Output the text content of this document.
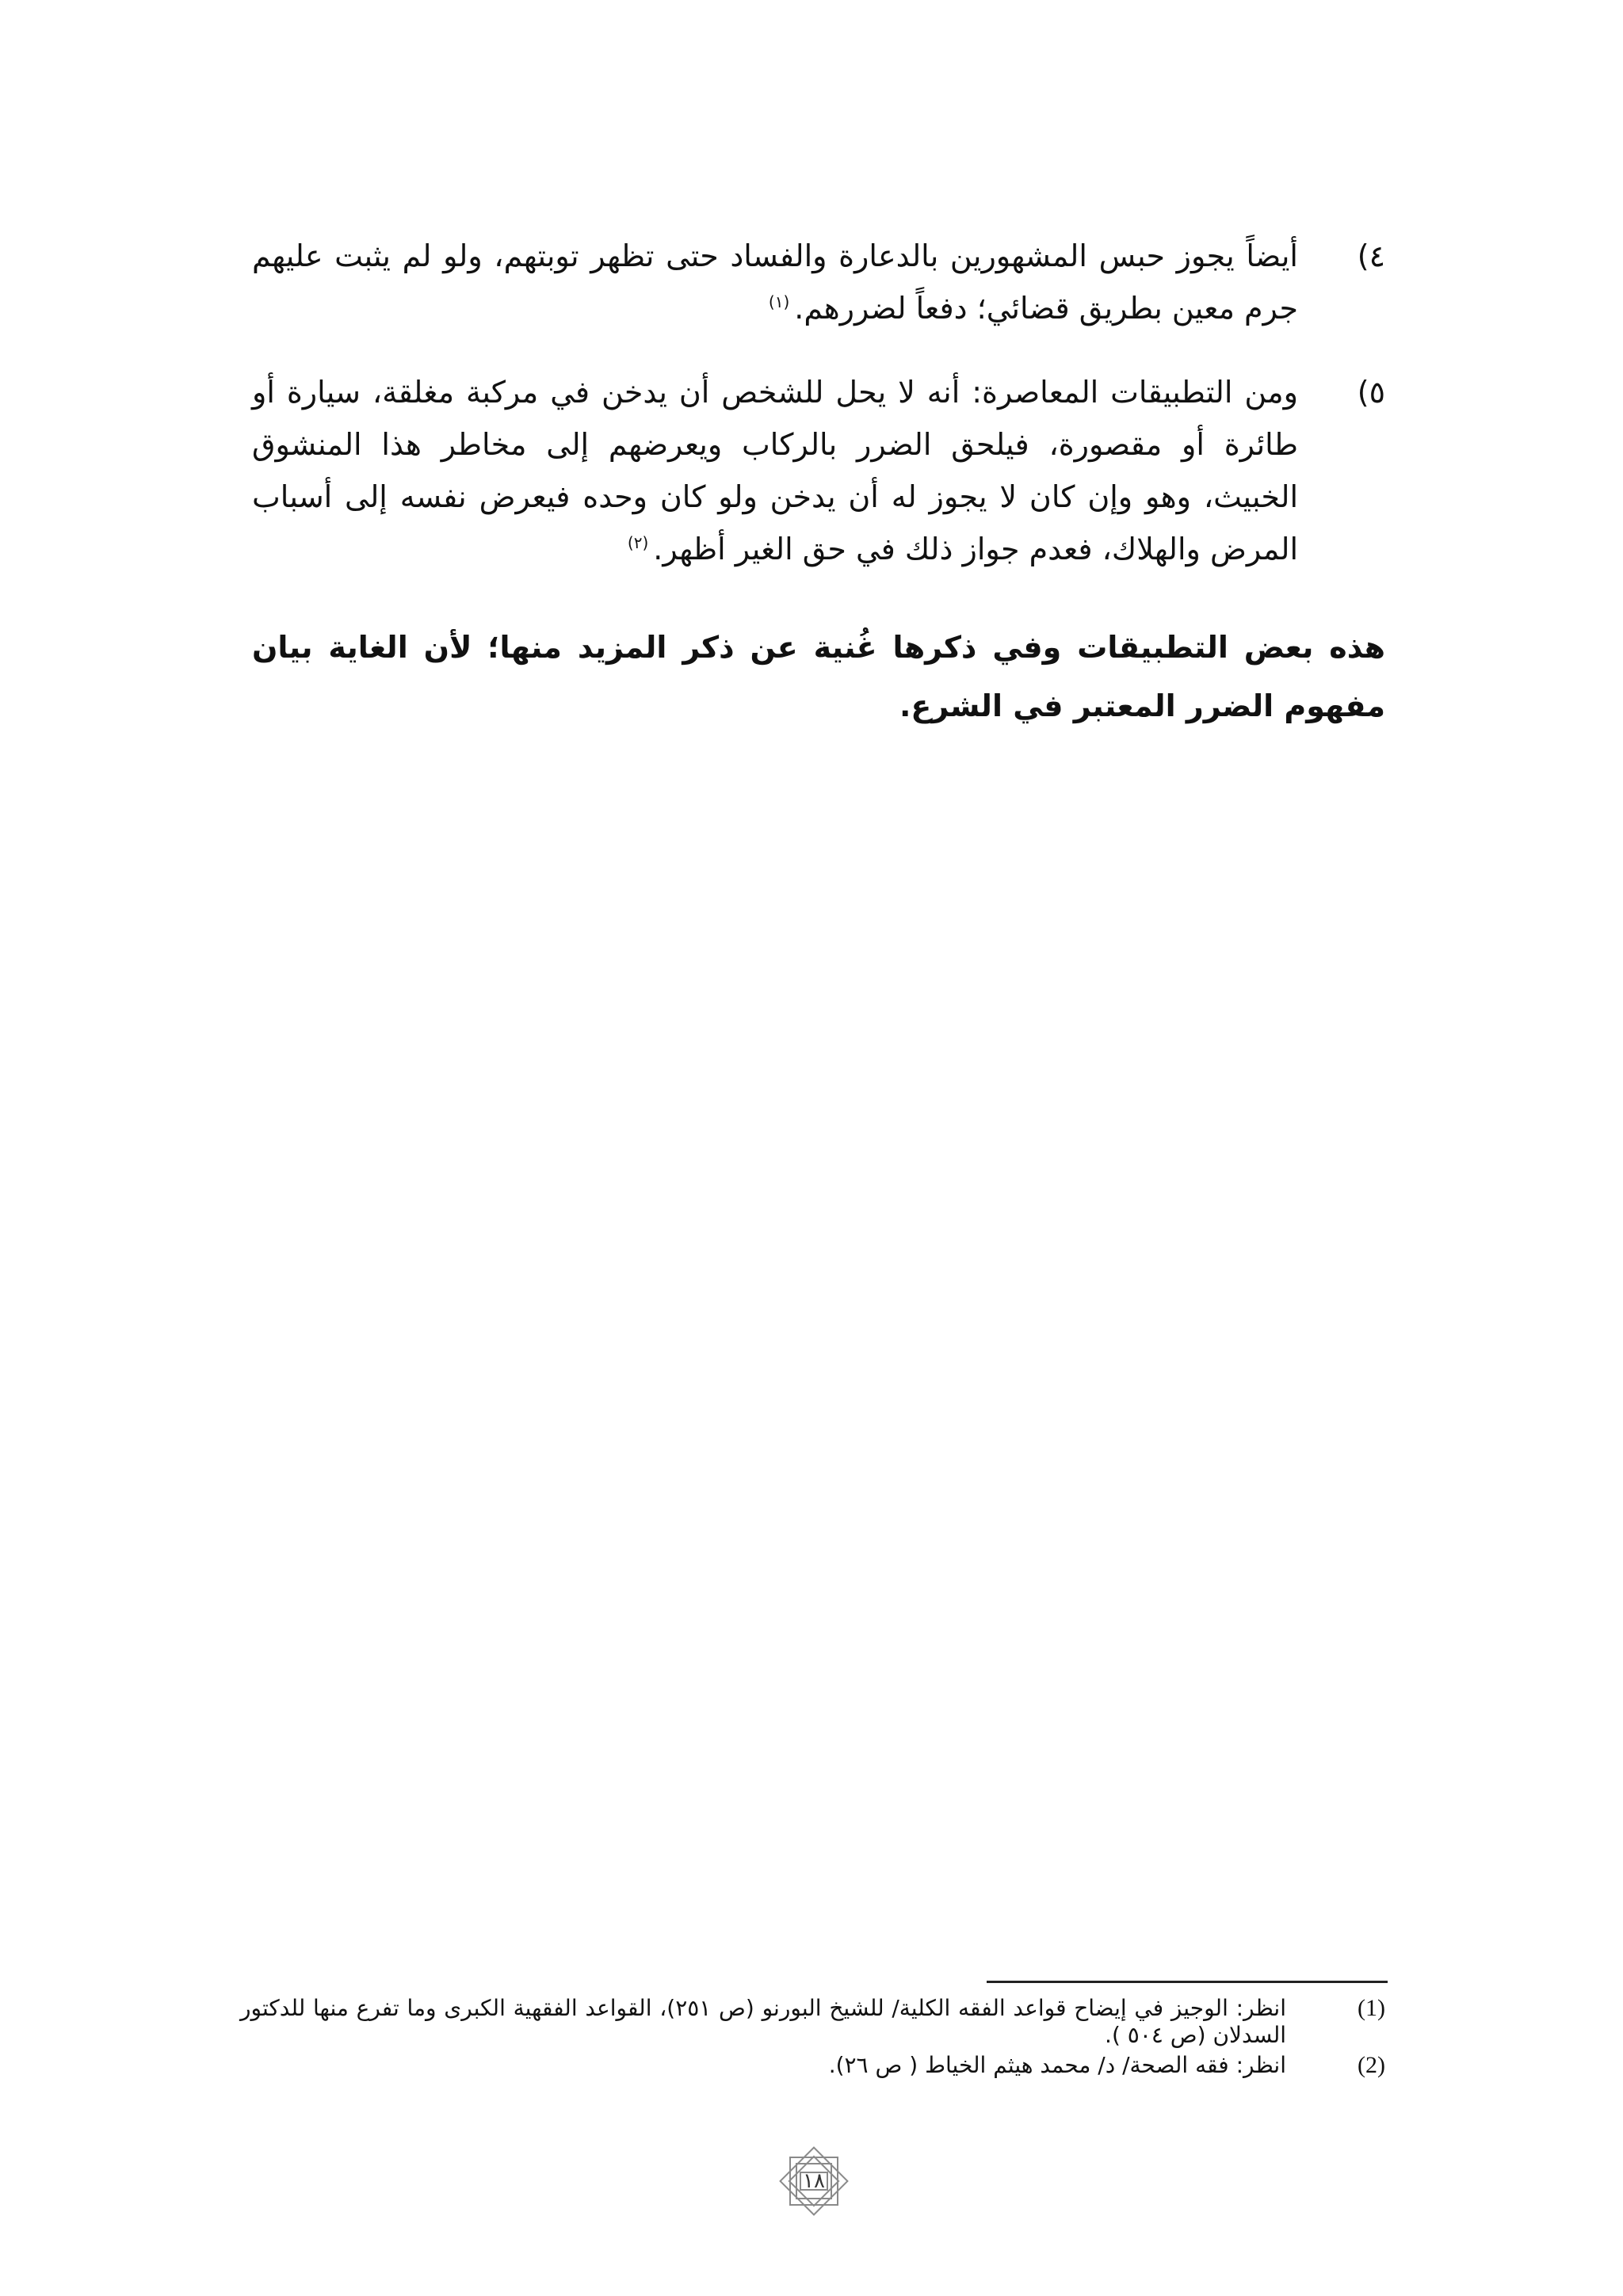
٤)
أيضاً يجوز حبس المشهورين بالدعارة والفساد حتى تظهر توبتهم، ولو لم يثبت عليهم جرم معين بطريق قضائي؛ دفعاً لضررهم.$^{(١)}$
٥)
ومن التطبيقات المعاصرة: أنه لا يحل للشخص أن يدخن في مركبة مغلقة، سيارة أو طائرة أو مقصورة، فيلحق الضرر بالركاب ويعرضهم إلى مخاطر هذا المنشوق الخبيث، وهو وإن كان لا يجوز له أن يدخن ولو كان وحده فيعرض نفسه إلى أسباب المرض والهلاك، فعدم جواز ذلك في حق الغير أظهر.$^{(٢)}$
هذه بعض التطبيقات وفي ذكرها غُنية عن ذكر المزيد منها؛ لأن الغاية بيان مفهوم الضرر المعتبر في الشرع.
(1)
انظر: الوجيز في إيضاح قواعد الفقه الكلية/ للشيخ البورنو (ص ٢٥١)، القواعد الفقهية الكبرى وما تفرع منها للدكتور السدلان (ص ٥٠٤ ).
(2)
انظر: فقه الصحة/ د/ محمد هيثم الخياط ( ص ٢٦).
١٨
